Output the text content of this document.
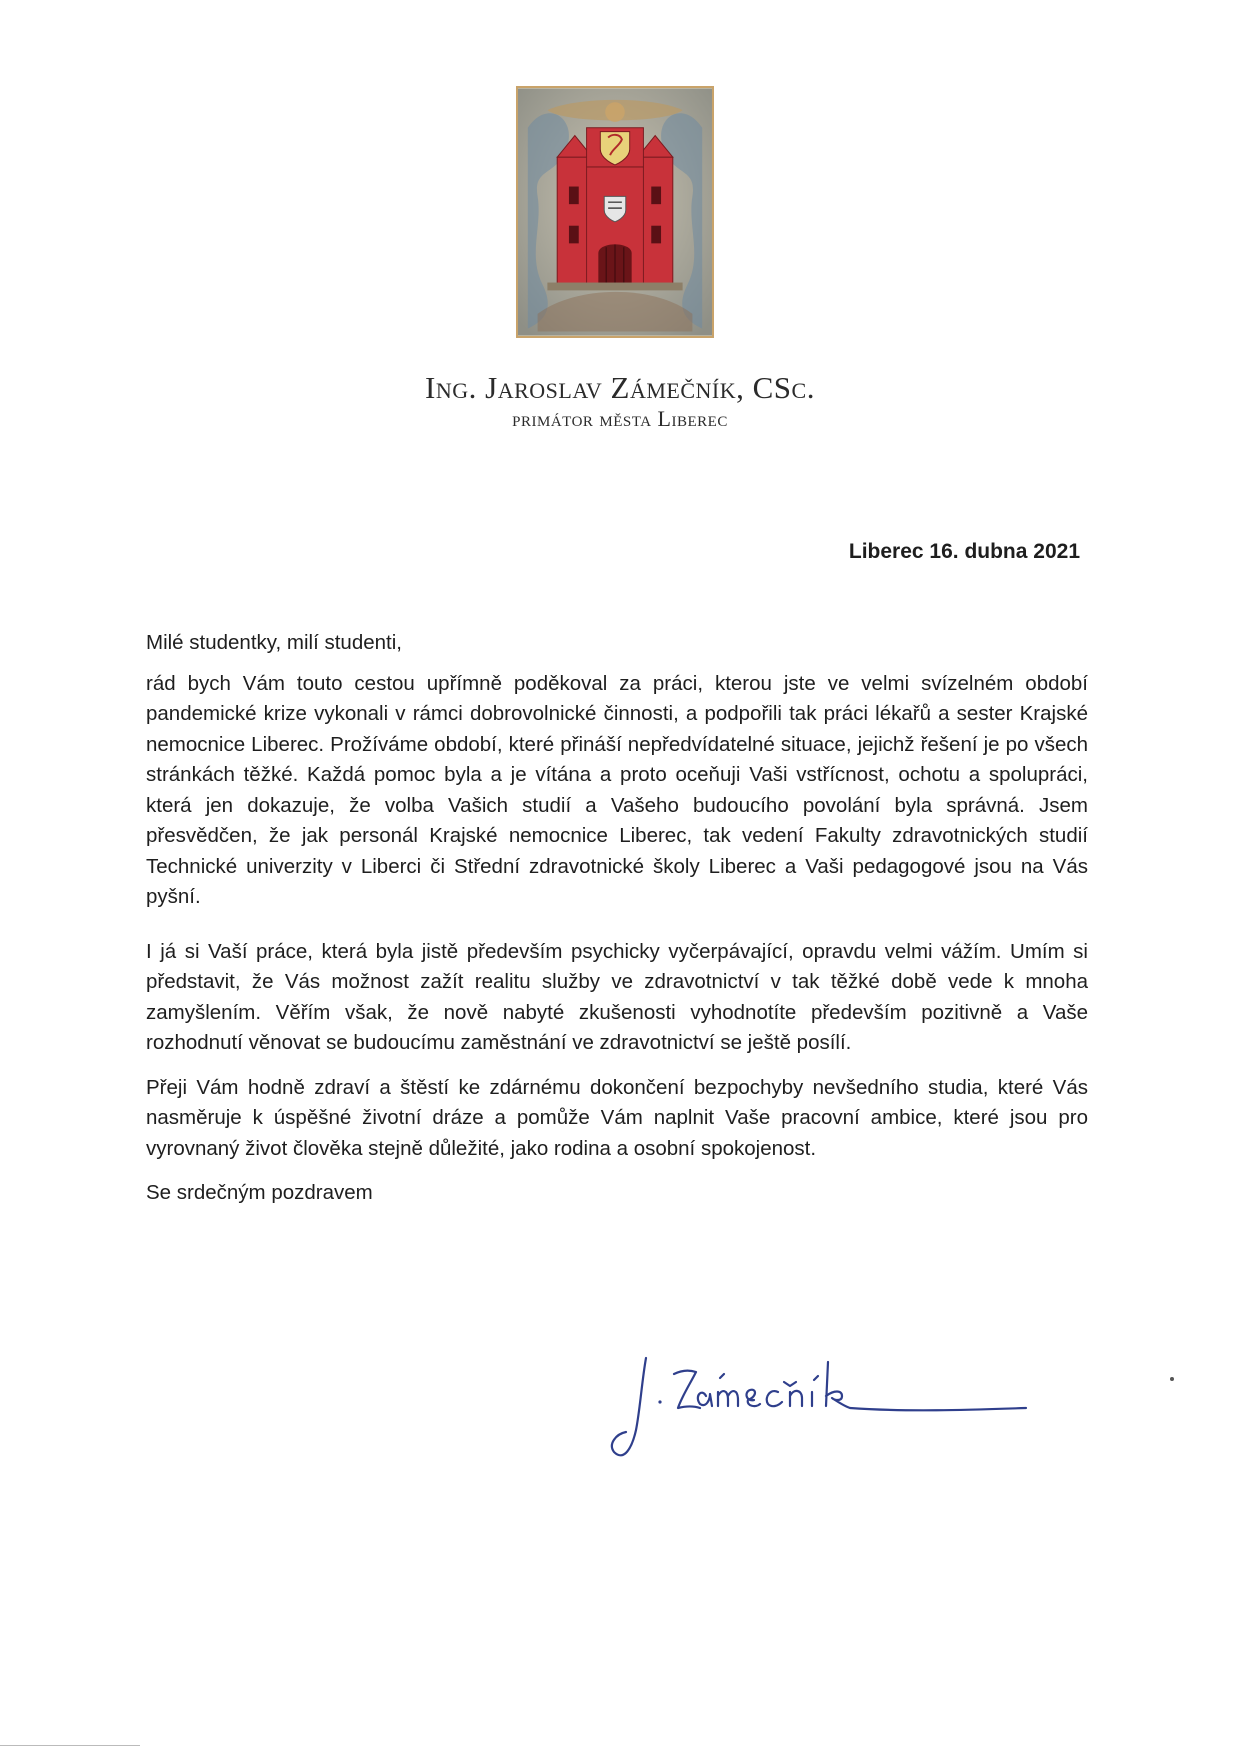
Ing. Jaroslav Zámečník, CSc.
primátor města Liberec
Liberec 16. dubna 2021

Milé studentky, milí studenti,

rád bych Vám touto cestou upřímně poděkoval za práci, kterou jste ve velmi svízelném období pandemické krize vykonali v rámci dobrovolnické činnosti, a podpořili tak práci lékařů a sester Krajské nemocnice Liberec. Prožíváme období, které přináší nepředvídatelné situace, jejichž řešení je po všech stránkách těžké. Každá pomoc byla a je vítána a proto oceňuji Vaši vstřícnost, ochotu a spolupráci, která jen dokazuje, že volba Vašich studií a Vašeho budoucího povolání byla správná. Jsem přesvědčen, že jak personál Krajské nemocnice Liberec, tak vedení Fakulty zdravotnických studií Technické univerzity v Liberci či Střední zdravotnické školy Liberec a Vaši pedagogové jsou na Vás pyšní.

I já si Vaší práce, která byla jistě především psychicky vyčerpávající, opravdu velmi vážím. Umím si představit, že Vás možnost zažít realitu služby ve zdravotnictví v tak těžké době vede k mnoha zamyšlením. Věřím však, že nově nabyté zkušenosti vyhodnotíte především pozitivně a Vaše rozhodnutí věnovat se budoucímu zaměstnání ve zdravotnictví se ještě posílí.

Přeji Vám hodně zdraví a štěstí ke zdárnému dokončení bezpochyby nevšedního studia, které Vás nasměruje k úspěšné životní dráze a pomůže Vám naplnit Vaše pracovní ambice, které jsou pro vyrovnaný život člověka stejně důležité, jako rodina a osobní spokojenost.

Se srdečným pozdravem
